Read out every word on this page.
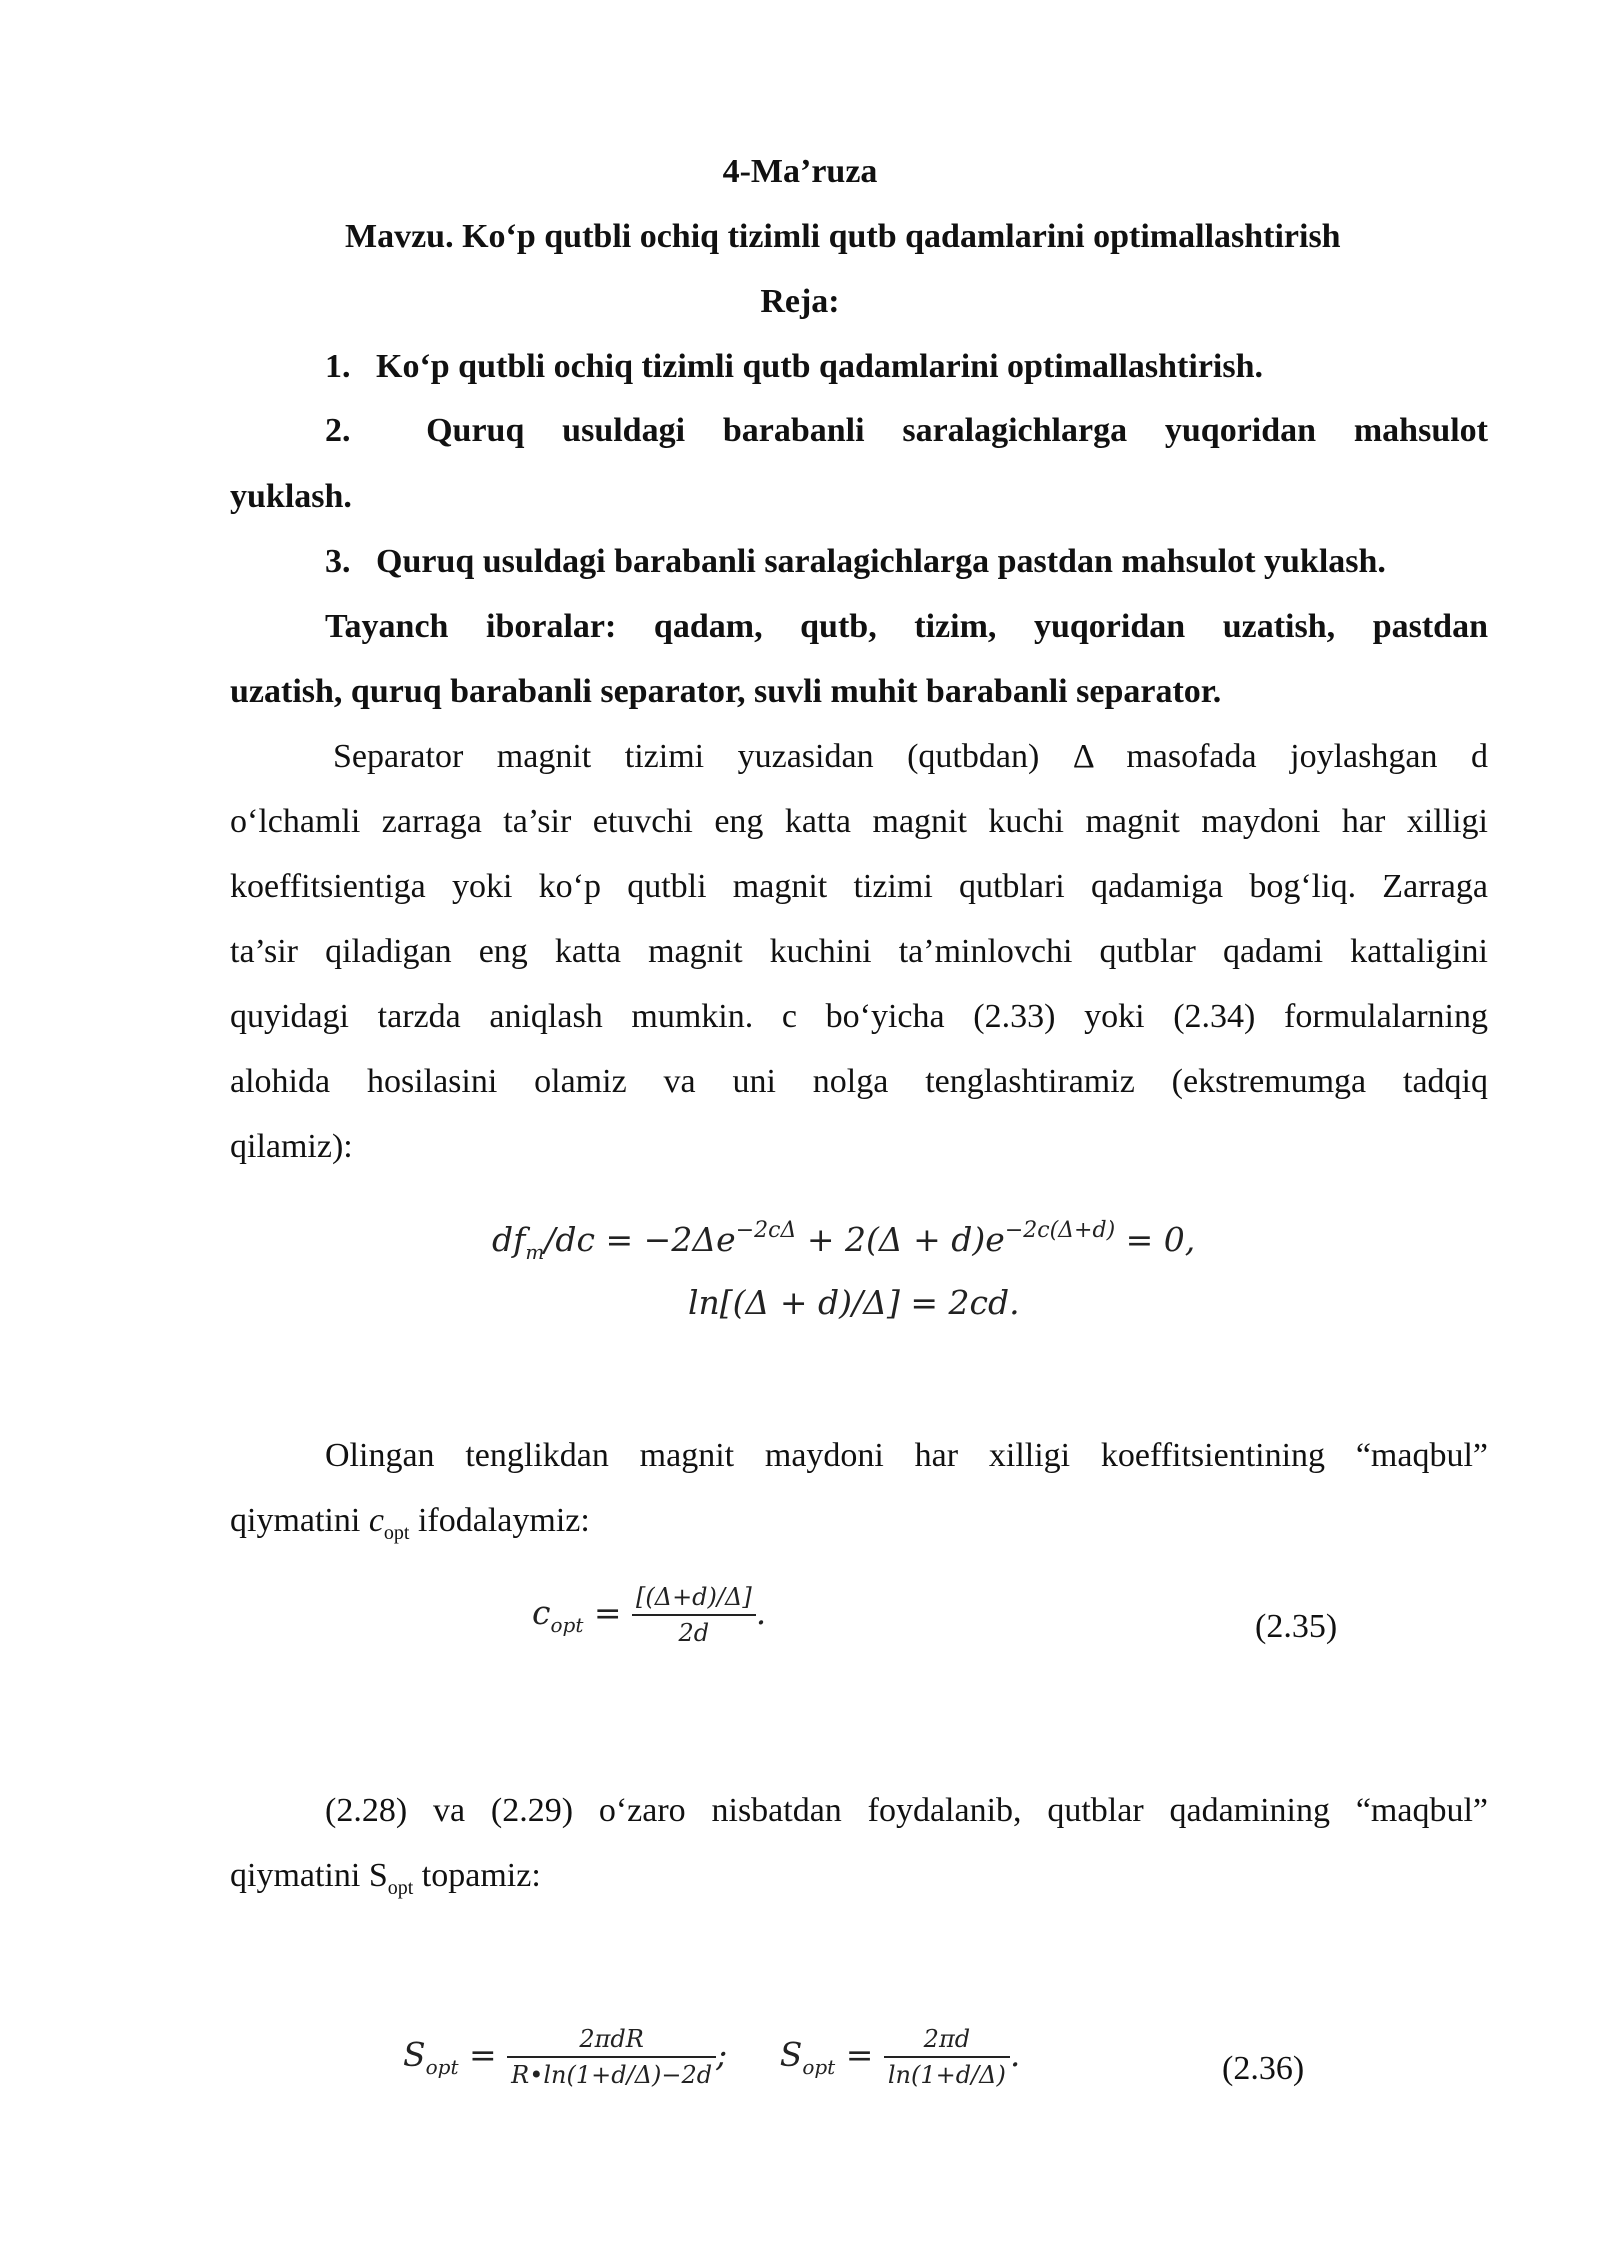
4-Ma’ruza
Mavzu. Ko‘p qutbli ochiq tizimli qutb qadamlarini optimallashtirish
Reja:
1. Ko‘p qutbli ochiq tizimli qutb qadamlarini optimallashtirish.
2. Quruq usuldagi barabanli saralagichlarga yuqoridan mahsulot
yuklash.
3. Quruq usuldagi barabanli saralagichlarga pastdan mahsulot yuklash.
Tayanch iboralar: qadam, qutb, tizim, yuqoridan uzatish, pastdan
uzatish, quruq barabanli separator, suvli muhit barabanli separator.
Separator magnit tizimi yuzasidan (qutbdan) Δ masofada joylashgan d
o‘lchamli zarraga ta’sir etuvchi eng katta magnit kuchi magnit maydoni har xilligi
koeffitsientiga yoki ko‘p qutbli magnit tizimi qutblari qadamiga bog‘liq. Zarraga
ta’sir qiladigan eng katta magnit kuchini ta’minlovchi qutblar qadami kattaligini
quyidagi tarzda aniqlash mumkin. c bo‘yicha (2.33) yoki (2.34) formulalarning
alohida hosilasini olamiz va uni nolga tenglashtiramiz (ekstremumga tadqiq
qilamiz):
$df_m/dc = -2\Delta e^{-2c\Delta} + 2(\Delta + d)e^{-2c(\Delta+d)} = 0$,
ln[(Δ + d)/Δ] = 2cd.
Olingan tenglikdan magnit maydoni har xilligi koeffitsientining “maqbul”
qiymatini $c_{opt}$ ifodalaymiz:
$c_{opt} = \frac{[(\Delta+d)/\Delta]}{2d}$ .	(2.35)
(2.28) va (2.29) o‘zaro nisbatdan foydalanib, qutblar qadamining “maqbul”
qiymatini $S_{opt}$ topamiz:
$S_{opt} = \frac{\text{2πdR}}{R•\ln(1+d/\Delta)-2d}$ ; $S_{opt} = \frac{2\pi d}{\ln(1+d/\Delta)}$ .	(2.36)
